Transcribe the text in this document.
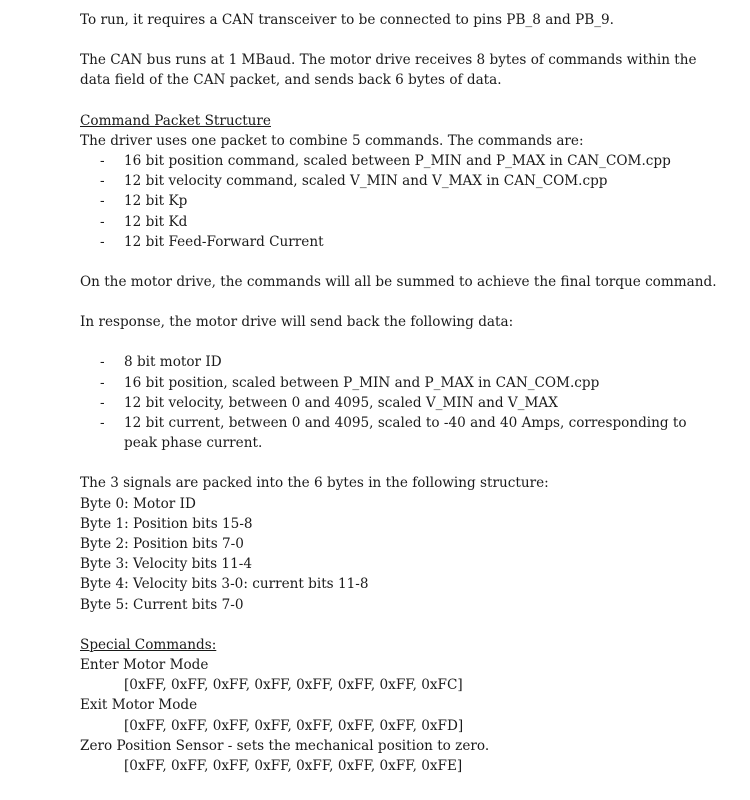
To run, it requires a CAN transceiver to be connected to pins PB_8 and PB_9.

The CAN bus runs at 1 MBaud. The motor drive receives 8 bytes of commands within the data field of the CAN packet, and sends back 6 bytes of data.

Command Packet Structure

The driver uses one packet to combine 5 commands. The commands are:

- 16 bit position command, scaled between P_MIN and P_MAX in CAN_COM.cpp
- 12 bit velocity command, scaled V_MIN and V_MAX in CAN_COM.cpp
- 12 bit Kp
- 12 bit Kd
- 12 bit Feed-Forward Current

On the motor drive, the commands will all be summed to achieve the final torque command.

In response, the motor drive will send back the following data:

- 8 bit motor ID
- 16 bit position, scaled between P_MIN and P_MAX in CAN_COM.cpp
- 12 bit velocity, between 0 and 4095, scaled V_MIN and V_MAX
- 12 bit current, between 0 and 4095, scaled to -40 and 40 Amps, corresponding to peak phase current.

The 3 signals are packed into the 6 bytes in the following structure:

Byte 0: Motor ID

Byte 1: Position bits 15-8

Byte 2: Position bits 7-0

Byte 3: Velocity bits 11-4

Byte 4: Velocity bits 3-0: current bits 11-8

Byte 5: Current bits 7-0

Special Commands:

Enter Motor Mode

[0xFF, 0xFF, 0xFF, 0xFF, 0xFF, 0xFF, 0xFF, 0xFC]

Exit Motor Mode

[0xFF, 0xFF, 0xFF, 0xFF, 0xFF, 0xFF, 0xFF, 0xFD]

Zero Position Sensor - sets the mechanical position to zero.

[0xFF, 0xFF, 0xFF, 0xFF, 0xFF, 0xFF, 0xFF, 0xFE]
